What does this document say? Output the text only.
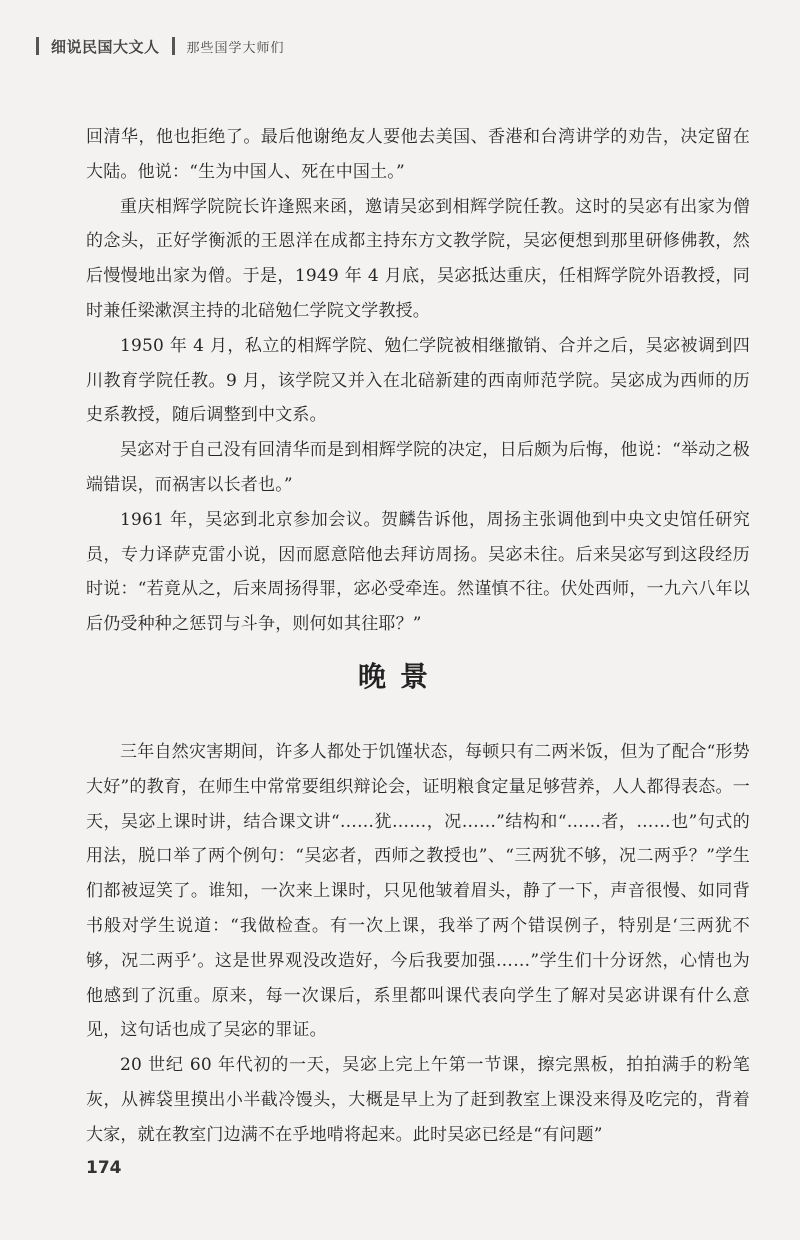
细说民国大文人 那些国学大师们

回清华，他也拒绝了。最后他谢绝友人要他去美国、香港和台湾讲学的劝告，决定留在大陆。他说：“生为中国人、死在中国土。”

重庆相辉学院院长许逢熙来函，邀请吴宓到相辉学院任教。这时的吴宓有出家为僧的念头，正好学衡派的王恩洋在成都主持东方文教学院，吴宓便想到那里研修佛教，然后慢慢地出家为僧。于是，1949 年 4 月底，吴宓抵达重庆，任相辉学院外语教授，同时兼任梁漱溟主持的北碚勉仁学院文学教授。

1950 年 4 月，私立的相辉学院、勉仁学院被相继撤销、合并之后，吴宓被调到四川教育学院任教。9 月，该学院又并入在北碚新建的西南师范学院。吴宓成为西师的历史系教授，随后调整到中文系。

吴宓对于自己没有回清华而是到相辉学院的决定，日后颇为后悔，他说：“举动之极端错误，而祸害以长者也。”

1961 年，吴宓到北京参加会议。贺麟告诉他，周扬主张调他到中央文史馆任研究员，专力译萨克雷小说，因而愿意陪他去拜访周扬。吴宓未往。后来吴宓写到这段经历时说：“若竟从之，后来周扬得罪，宓必受牵连。然谨慎不往。伏处西师，一九六八年以后仍受种种之惩罚与斗争，则何如其往耶？”

晚景

三年自然灾害期间，许多人都处于饥馑状态，每顿只有二两米饭，但为了配合“形势大好”的教育，在师生中常常要组织辩论会，证明粮食定量足够营养，人人都得表态。一天，吴宓上课时讲，结合课文讲“……犹……，况……”结构和“……者，……也”句式的用法，脱口举了两个例句：“吴宓者，西师之教授也”、“三两犹不够，况二两乎？”学生们都被逗笑了。谁知，一次来上课时，只见他皱着眉头，静了一下，声音很慢、如同背书般对学生说道：“我做检查。有一次上课，我举了两个错误例子，特别是‘三两犹不够，况二两乎’。这是世界观没改造好，今后我要加强……”学生们十分讶然，心情也为他感到了沉重。原来，每一次课后，系里都叫课代表向学生了解对吴宓讲课有什么意见，这句话也成了吴宓的罪证。

20 世纪 60 年代初的一天，吴宓上完上午第一节课，擦完黑板，拍拍满手的粉笔灰，从裤袋里摸出小半截冷馒头，大概是早上为了赶到教室上课没来得及吃完的，背着大家，就在教室门边满不在乎地啃将起来。此时吴宓已经是“有问题”

174
